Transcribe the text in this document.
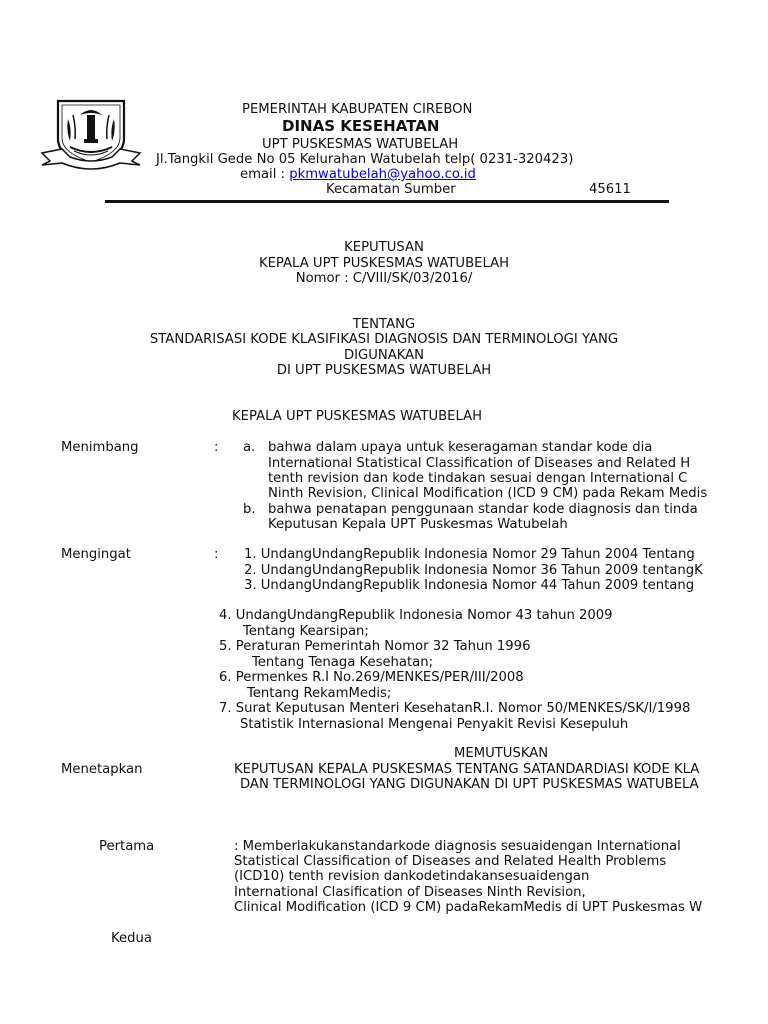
PEMERINTAH KABUPATEN CIREBON
DINAS KESEHATAN
UPT PUSKESMAS WATUBELAH
Jl.Tangkil Gede No 05 Kelurahan Watubelah telp( 0231-320423)
email : pkmwatubelah@yahoo.co.id
Kecamatan Sumber	45611
KEPUTUSAN
KEPALA UPT PUSKESMAS WATUBELAH
Nomor : C/VIII/SK/03/2016/
TENTANG
STANDARISASI KODE KLASIFIKASI DIAGNOSIS DAN TERMINOLOGI YANG
DIGUNAKAN
DI UPT PUSKESMAS WATUBELAH
KEPALA UPT PUSKESMAS WATUBELAH
Menimbang	: a. bahwa dalam upaya untuk keseragaman standar kode dia
International Statistical Classification of Diseases and Related H
tenth revision dan kode tindakan sesuai dengan International C
Ninth Revision, Clinical Modification (ICD 9 CM) pada Rekam Medis
b. bahwa penatapan penggunaan standar kode diagnosis dan tinda
Keputusan Kepala UPT Puskesmas Watubelah
Mengingat	: 1. UndangUndangRepublik Indonesia Nomor 29 Tahun 2004 Tentang
2. UndangUndangRepublik Indonesia Nomor 36 Tahun 2009 tentangK
3. UndangUndangRepublik Indonesia Nomor 44 Tahun 2009 tentang
4. UndangUndangRepublik Indonesia Nomor 43 tahun 2009
Tentang Kearsipan;
5. Peraturan Pemerintah Nomor 32 Tahun 1996
Tentang Tenaga Kesehatan;
6. Permenkes R.I No.269/MENKES/PER/III/2008
Tentang RekamMedis;
7. Surat Keputusan Menteri KesehatanR.I. Nomor 50/MENKES/SK/I/1998
Statistik Internasional Mengenai Penyakit Revisi Kesepuluh
MEMUTUSKAN
Menetapkan	KEPUTUSAN KEPALA PUSKESMAS TENTANG SATANDARDIASI KODE KLA
DAN TERMINOLOGI YANG DIGUNAKAN DI UPT PUSKESMAS WATUBELA
Pertama	: Memberlakukanstandarkode diagnosis sesuaidengan International
Statistical Classification of Diseases and Related Health Problems
(ICD10) tenth revision dankodetindakansesuaidengan
International Clasification of Diseases Ninth Revision,
Clinical Modification (ICD 9 CM) padaRekamMedis di UPT Puskesmas W
Kedua
